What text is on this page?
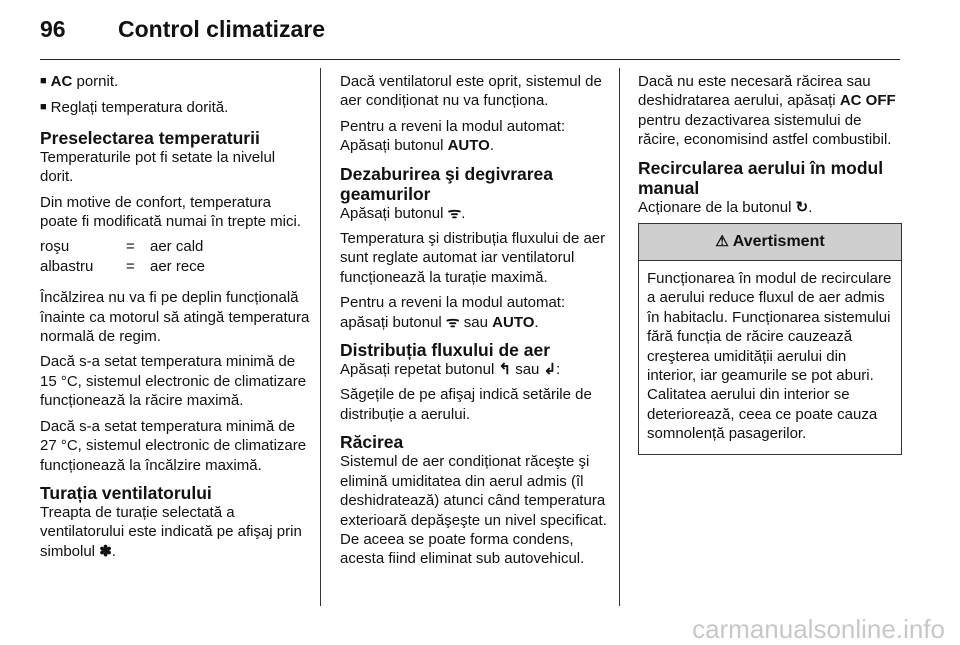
96 Control climatizare

■ AC pornit.

■ Reglați temperatura dorită.

Preselectarea temperaturii

Temperaturile pot fi setate la nivelul dorit.

Din motive de confort, temperatura poate fi modificată numai în trepte mici.

roşu	=	aer cald
albastru	=	aer rece

Încălzirea nu va fi pe deplin funcțională înainte ca motorul să atingă temperatura normală de regim.

Dacă s-a setat temperatura minimă de 15 °C, sistemul electronic de climatizare funcționează la răcire maximă.

Dacă s-a setat temperatura minimă de 27 °C, sistemul electronic de climatizare funcționează la încălzire maximă.

Turația ventilatorului

Treapta de turație selectată a ventilatorului este indicată pe afişaj prin simbolul ✽.

Dacă ventilatorul este oprit, sistemul de aer condiționat nu va funcționa.

Pentru a reveni la modul automat: Apăsați butonul AUTO.

Dezaburirea şi degivrarea geamurilor

Apăsați butonul ᯤ.

Temperatura şi distribuția fluxului de aer sunt reglate automat iar ventilatorul funcționează la turație maximă.

Pentru a reveni la modul automat: apăsați butonul ᯤ sau AUTO.

Distribuția fluxului de aer

Apăsați repetat butonul ↰ sau ↲:

Săgețile de pe afişaj indică setările de distribuție a aerului.

Răcirea

Sistemul de aer condiționat răceşte şi elimină umiditatea din aerul admis (îl deshidratează) atunci când temperatura exterioară depăşeşte un nivel specificat. De aceea se poate forma condens, acesta fiind eliminat sub autovehicul.

Dacă nu este necesară răcirea sau deshidratarea aerului, apăsați AC OFF pentru dezactivarea sistemului de răcire, economisind astfel combustibil.

Recircularea aerului în modul manual

Acționare de la butonul ↻.

⚠ Avertisment

Funcționarea în modul de recirculare a aerului reduce fluxul de aer admis în habitaclu. Funcționarea sistemului fără funcția de răcire cauzează creşterea umidității aerului din interior, iar geamurile se pot aburi. Calitatea aerului din interior se deteriorează, ceea ce poate cauza somnolență pasagerilor.

carmanualsonline.info
